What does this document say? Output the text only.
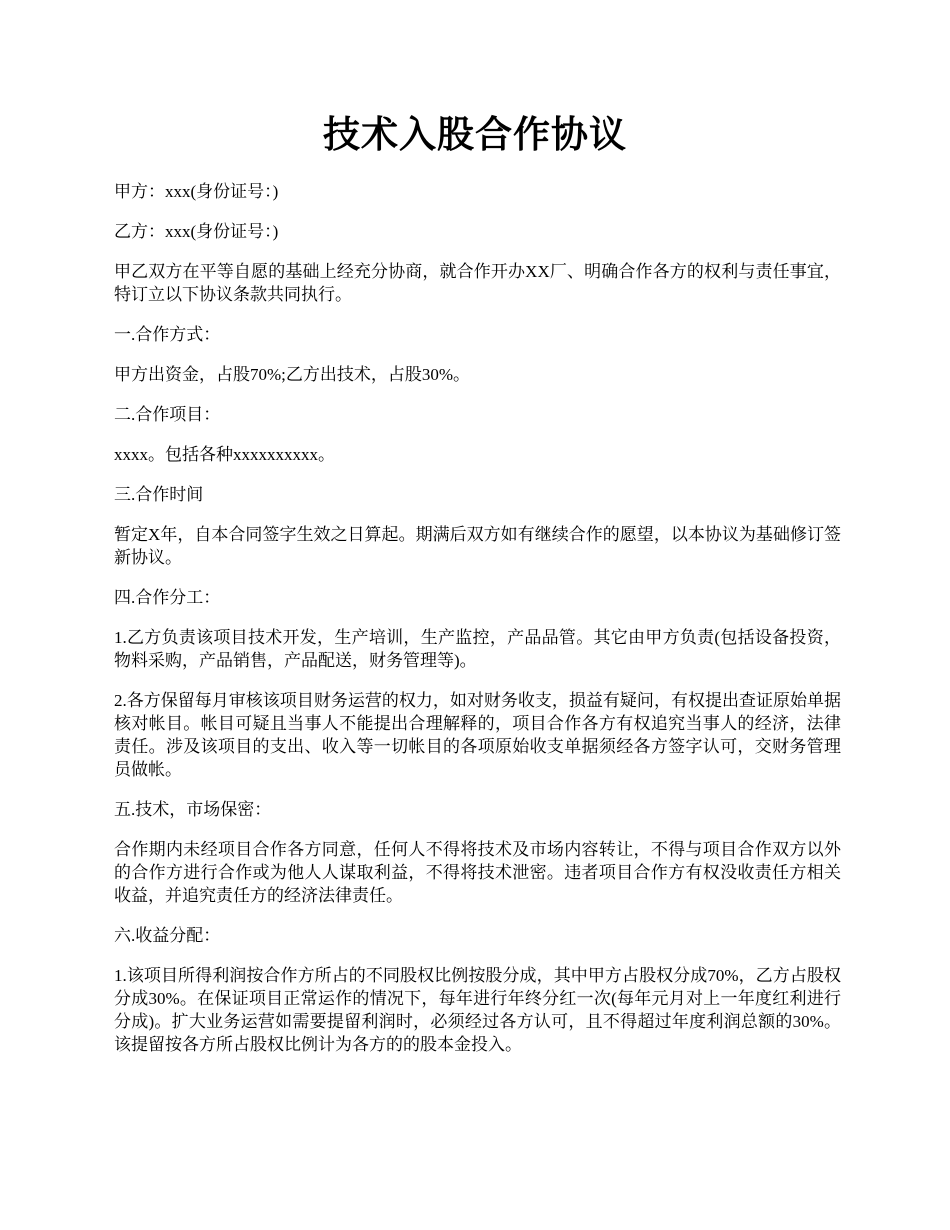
技术入股合作协议

甲方：xxx(身份证号：)

乙方：xxx(身份证号：)

甲乙双方在平等自愿的基础上经充分协商，就合作开办XX厂、明确合作各方的权利与责任事宜，特订立以下协议条款共同执行。

一.合作方式：

甲方出资金，占股70%;乙方出技术，占股30%。

二.合作项目：

xxxx。包括各种xxxxxxxxxx。

三.合作时间

暂定X年，自本合同签字生效之日算起。期满后双方如有继续合作的愿望，以本协议为基础修订签新协议。

四.合作分工：

1.乙方负责该项目技术开发，生产培训，生产监控，产品品管。其它由甲方负责(包括设备投资，物料采购，产品销售，产品配送，财务管理等)。

2.各方保留每月审核该项目财务运营的权力，如对财务收支，损益有疑问，有权提出查证原始单据核对帐目。帐目可疑且当事人不能提出合理解释的，项目合作各方有权追究当事人的经济，法律责任。涉及该项目的支出、收入等一切帐目的各项原始收支单据须经各方签字认可，交财务管理员做帐。

五.技术，市场保密：

合作期内未经项目合作各方同意，任何人不得将技术及市场内容转让，不得与项目合作双方以外的合作方进行合作或为他人人谋取利益，不得将技术泄密。违者项目合作方有权没收责任方相关收益，并追究责任方的经济法律责任。

六.收益分配：

1.该项目所得利润按合作方所占的不同股权比例按股分成，其中甲方占股权分成70%，乙方占股权分成30%。在保证项目正常运作的情况下，每年进行年终分红一次(每年元月对上一年度红利进行分成)。扩大业务运营如需要提留利润时，必须经过各方认可，且不得超过年度利润总额的30%。该提留按各方所占股权比例计为各方的的股本金投入。
